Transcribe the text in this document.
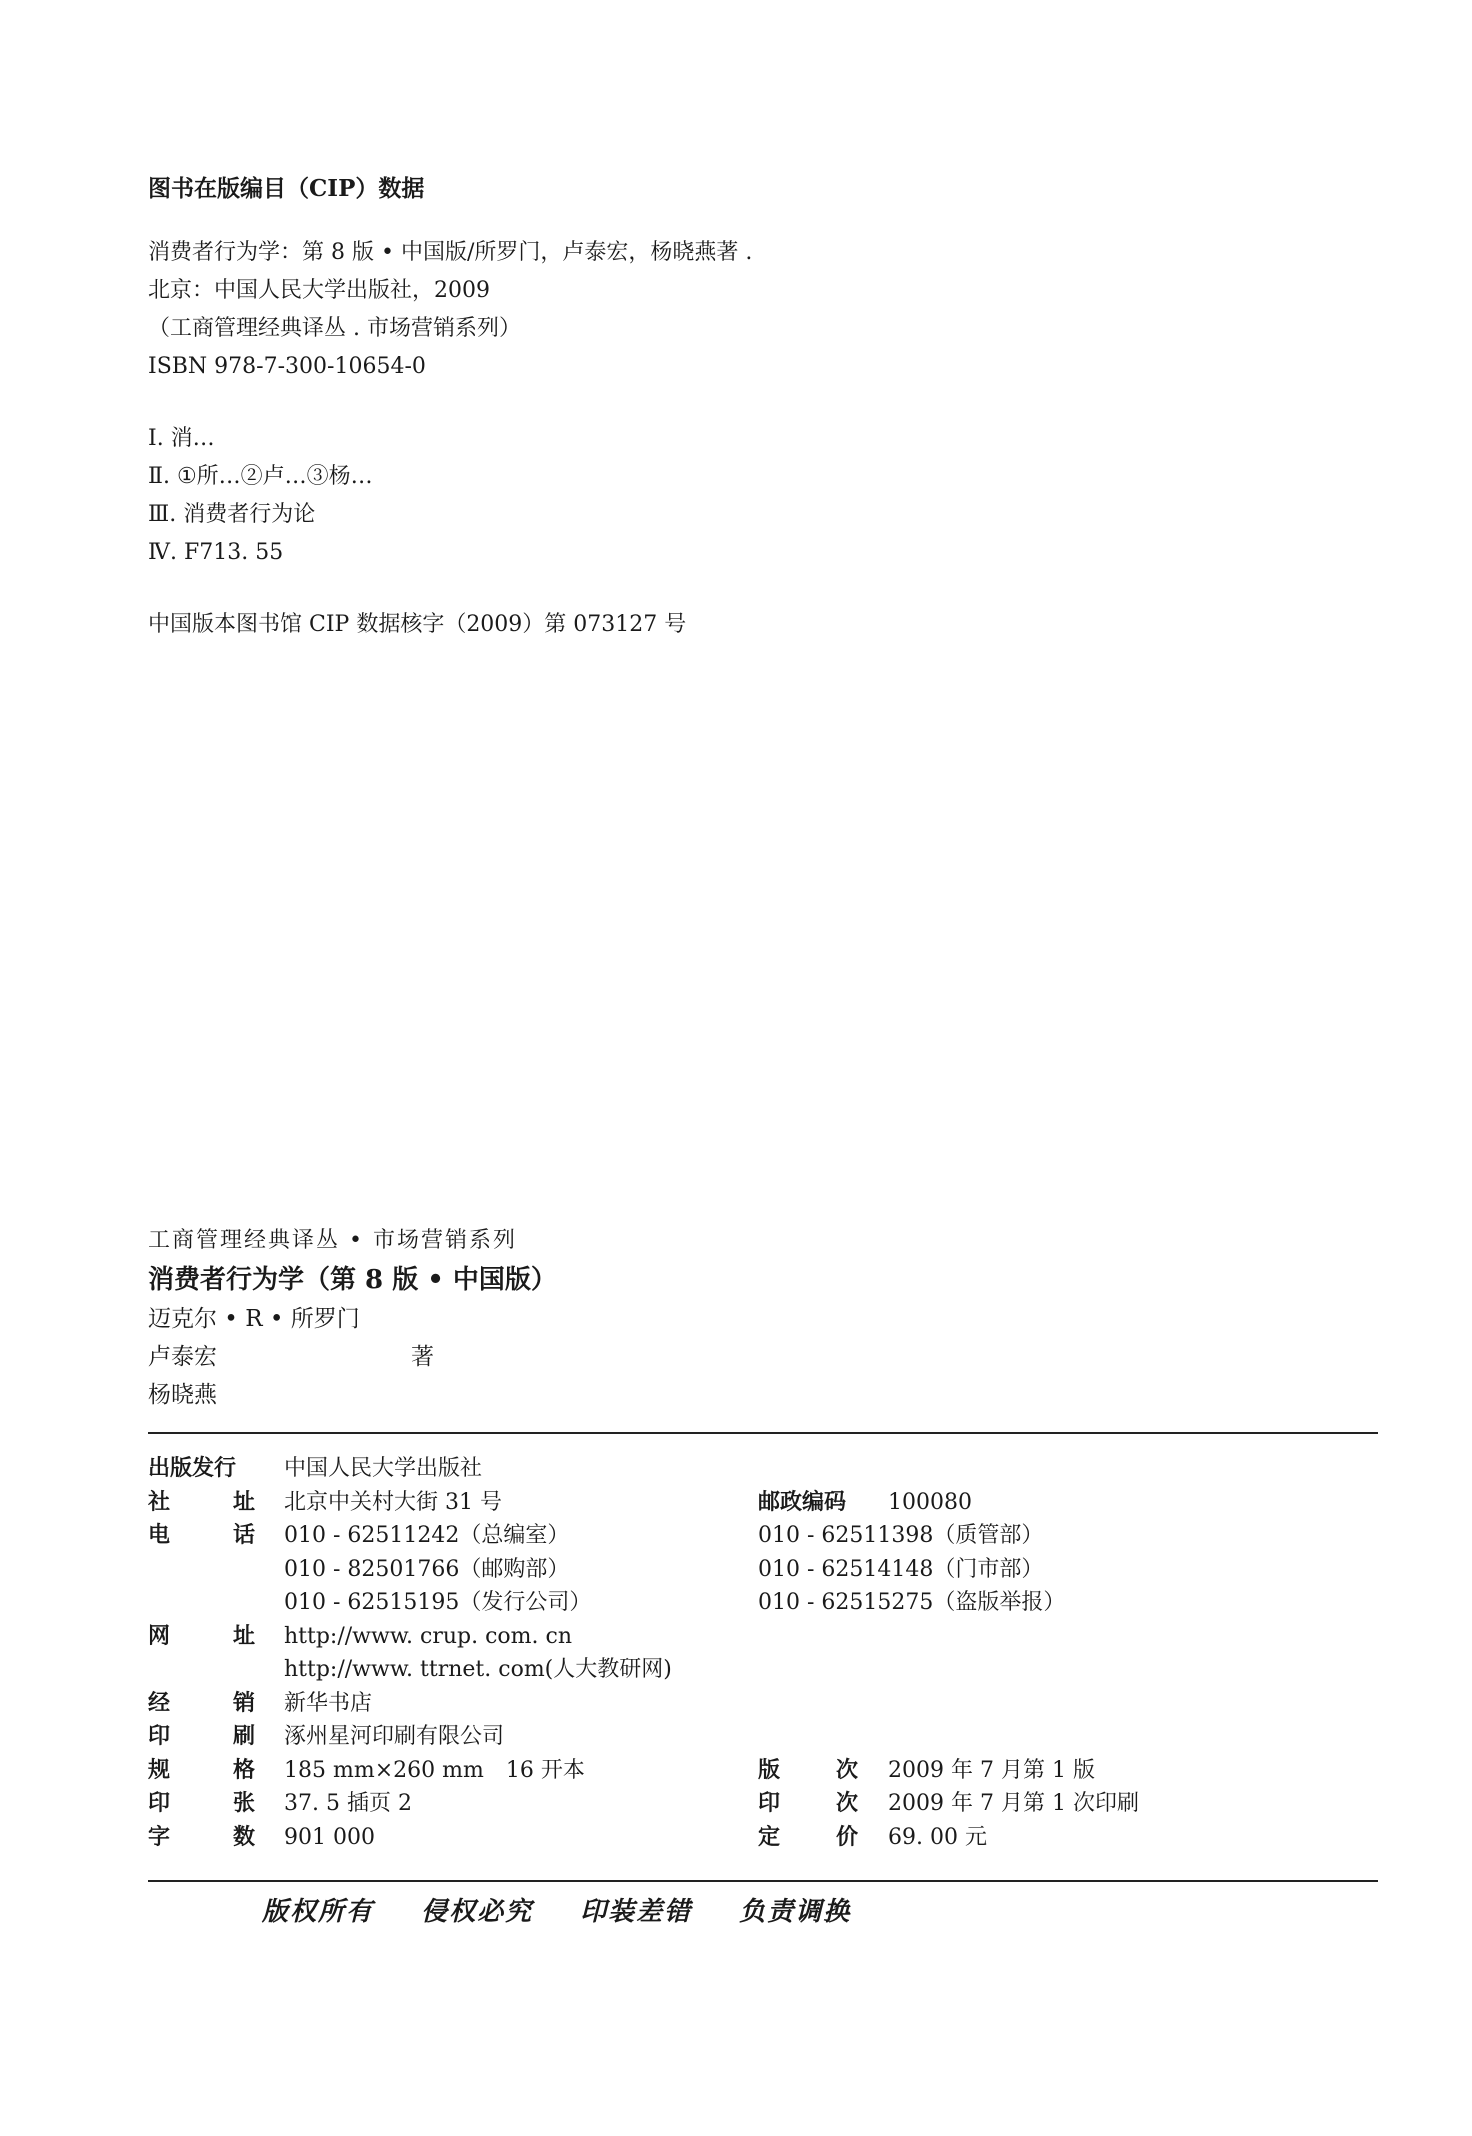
图书在版编目（CIP）数据
消费者行为学：第 8 版 • 中国版/所罗门，卢泰宏，杨晓燕著 .
北京：中国人民大学出版社，2009
（工商管理经典译丛 . 市场营销系列）
ISBN 978-7-300-10654-0
Ⅰ. 消…
Ⅱ. ①所…②卢…③杨…
Ⅲ. 消费者行为论
Ⅳ. F713. 55
中国版本图书馆 CIP 数据核字（2009）第 073127 号
工商管理经典译丛 • 市场营销系列
消费者行为学（第 8 版 • 中国版）
迈克尔 • R • 所罗门
卢泰宏
杨晓燕
著
出版发行 中国人民大学出版社
社	址 北京中关村大街 31 号	邮政编码 100080
电	话 010 - 62511242（总编室）	010 - 62511398（质管部）
010 - 82501766（邮购部）	010 - 62514148（门市部）
010 - 62515195（发行公司）	010 - 62515275（盗版举报）
网	址 http://www. crup. com. cn
http://www. ttrnet. com(人大教研网)
经	销 新华书店
印	刷 涿州星河印刷有限公司
规	格 185 mm×260 mm　16 开本	版	次 2009 年 7 月第 1 版
印	张 37. 5 插页 2	印	次 2009 年 7 月第 1 次印刷
字	数 901 000	定	价 69. 00 元
版权所有 侵权必究 印装差错 负责调换
